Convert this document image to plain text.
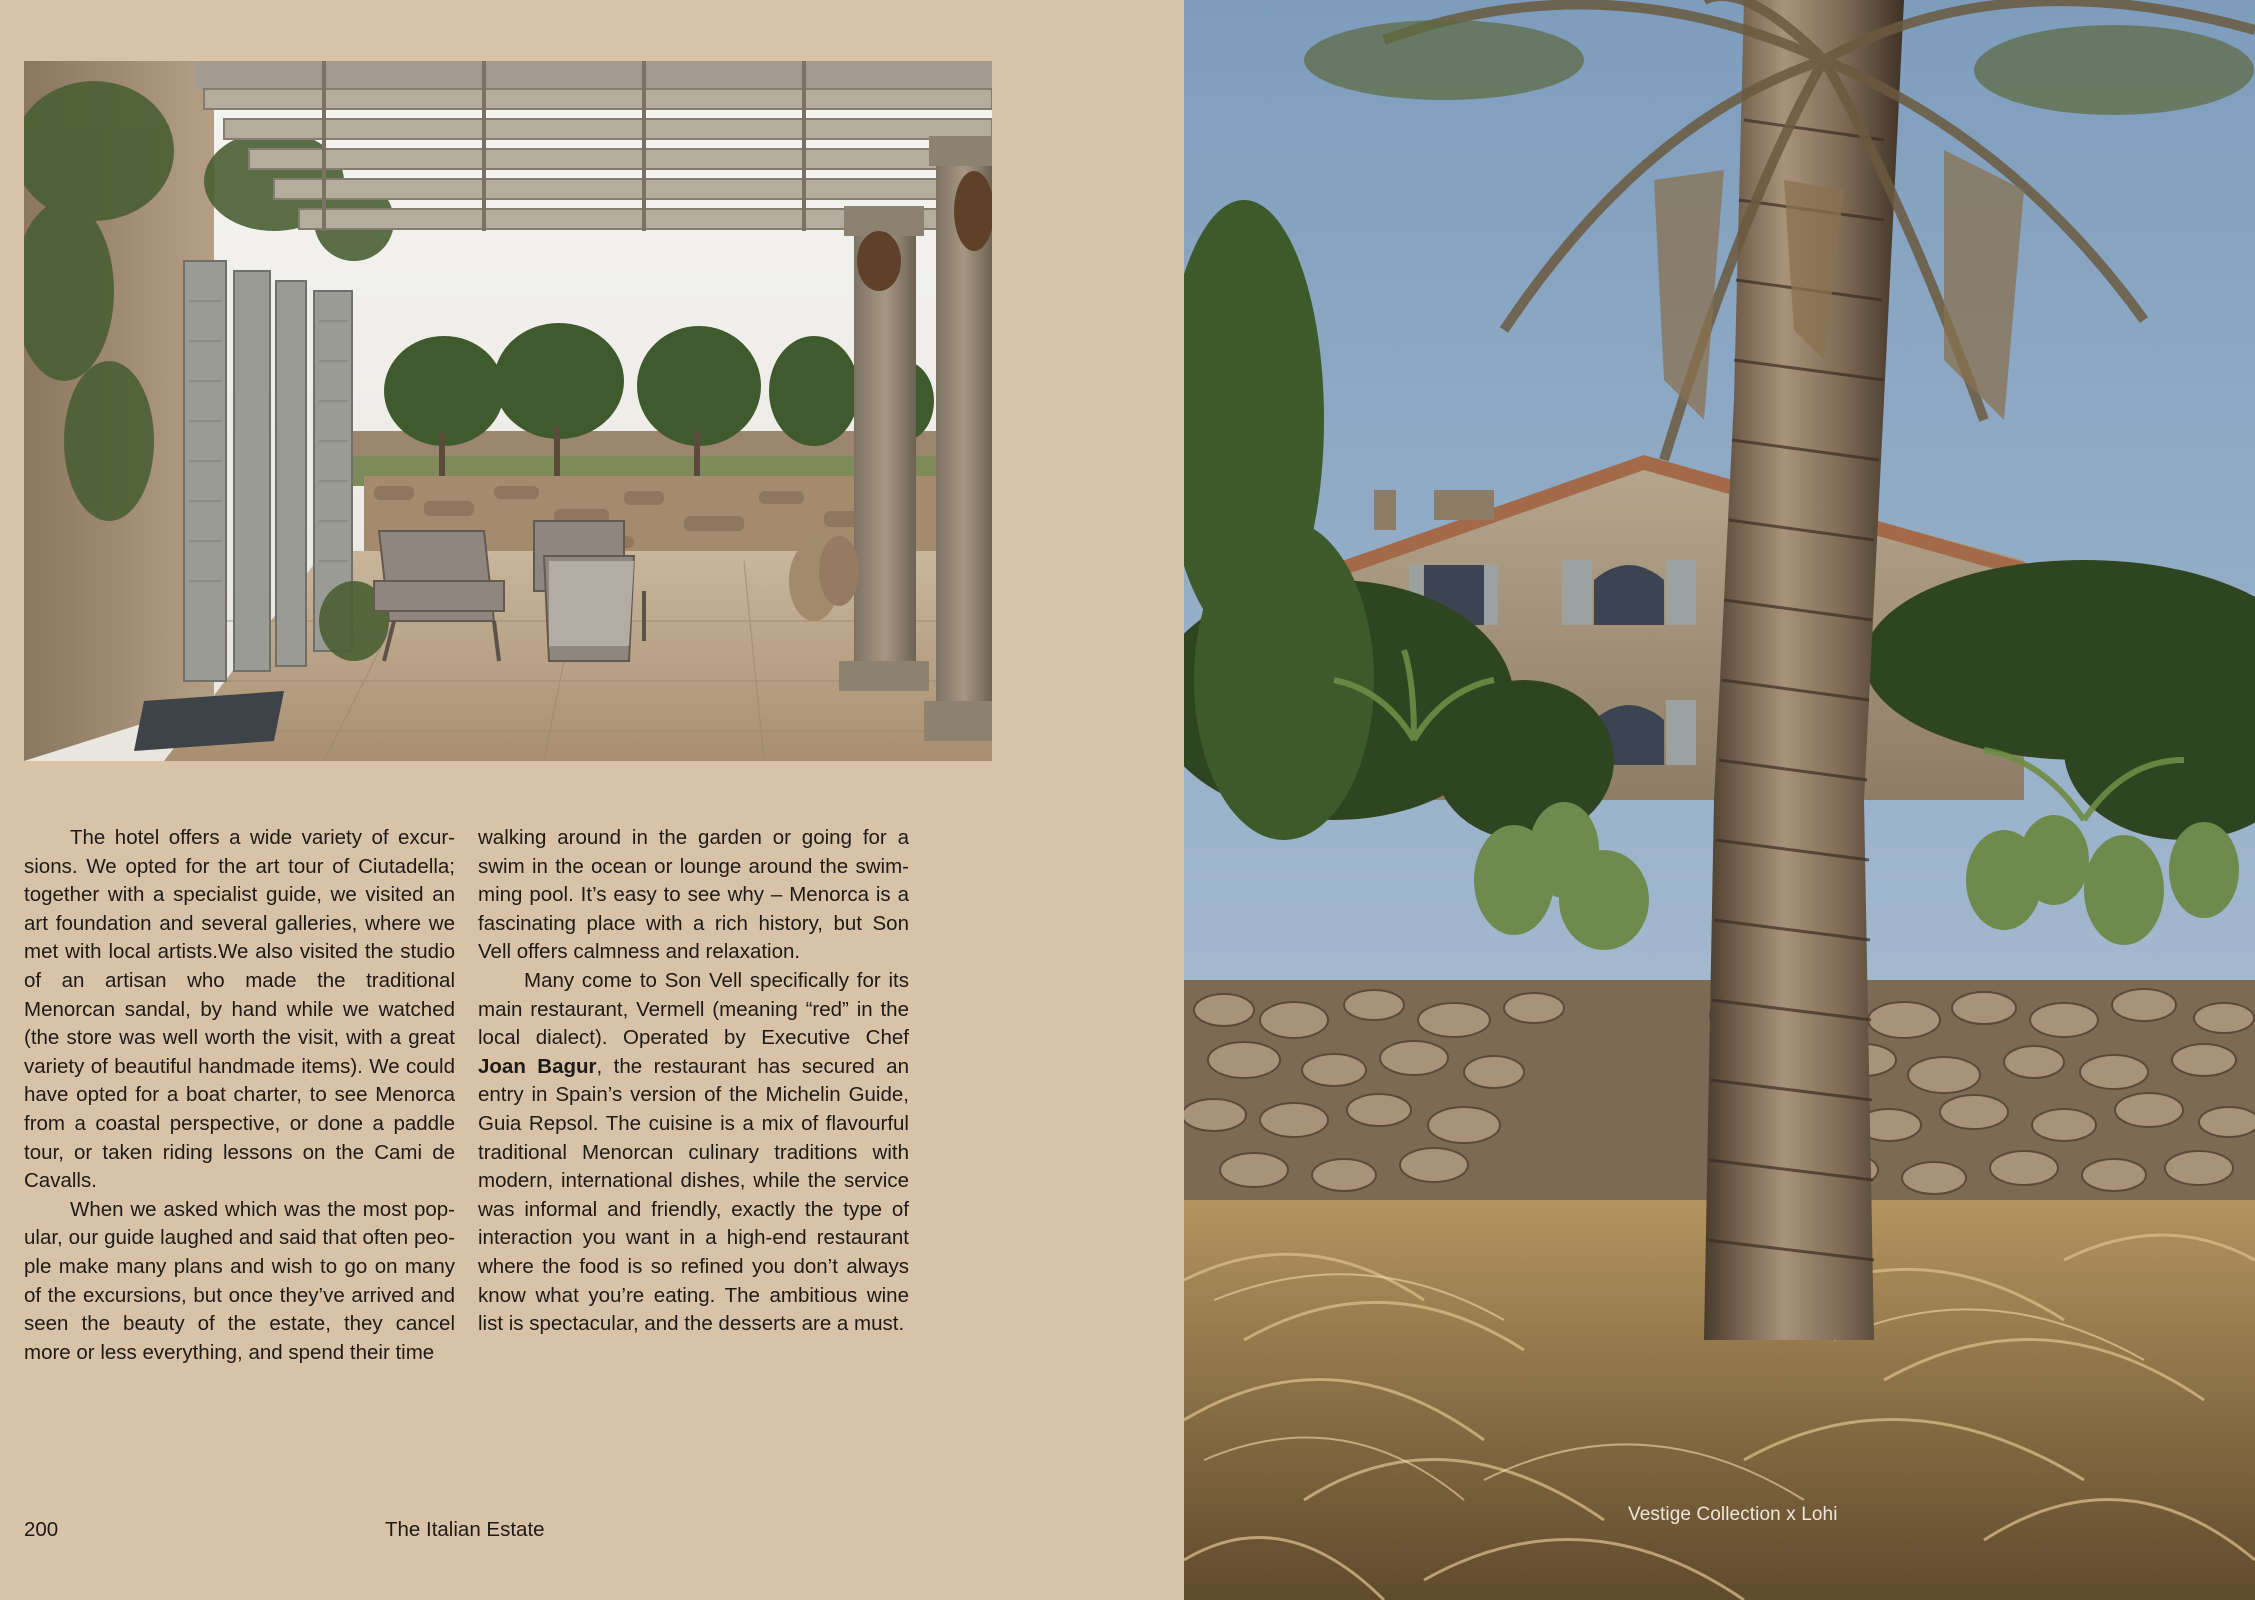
The hotel offers a wide variety of excursions. We opted for the art tour of Ciutadella; together with a specialist guide, we visited an art foundation and several galleries, where we met with local artists.We also visited the studio of an artisan who made the traditional Menorcan sandal, by hand while we watched (the store was well worth the visit, with a great variety of beautiful handmade items). We could have opted for a boat charter, to see Menorca from a coastal perspective, or done a paddle tour, or taken riding lessons on the Cami de Cavalls.

When we asked which was the most popular, our guide laughed and said that often people make many plans and wish to go on many of the excursions, but once they’ve arrived and seen the beauty of the estate, they cancel more or less everything, and spend their time

walking around in the garden or going for a swim in the ocean or lounge around the swimming pool. It’s easy to see why – Menorca is a fascinating place with a rich history, but Son Vell offers calmness and relaxation.

Many come to Son Vell specifically for its main restaurant, Vermell (meaning “red” in the local dialect). Operated by Executive Chef Joan Bagur, the restaurant has secured an entry in Spain’s version of the Michelin Guide, Guia Repsol. The cuisine is a mix of flavourful traditional Menorcan culinary traditions with modern, international dishes, while the service was informal and friendly, exactly the type of interaction you want in a high-end restaurant where the food is so refined you don’t always know what you’re eating. The ambitious wine list is spectacular, and the desserts are a must.

200	The Italian Estate
Vestige Collection x Lohi
